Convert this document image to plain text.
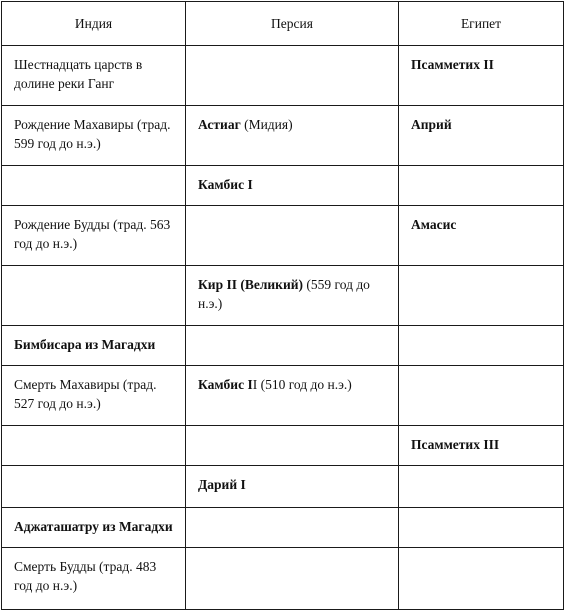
Индия	Персия	Египет

Шестнадцать царств в долине реки Ганг		Псамметих II

Рождение Махавиры (трад. 599 год до н.э.)	Астиаг (Мидия)	Априй

	Камбис I	

Рождение Будды (трад. 563 год до н.э.)		Амасис

	Кир II (Великий) (559 год до н.э.)	

Бимбисара из Магадхи		

Смерть Махавиры (трад. 527 год до н.э.)	Камбис II (510 год до н.э.)	

		Псамметих III

	Дарий I	

Аджаташатру из Магадхи		

Смерть Будды (трад. 483 год до н.э.)		
